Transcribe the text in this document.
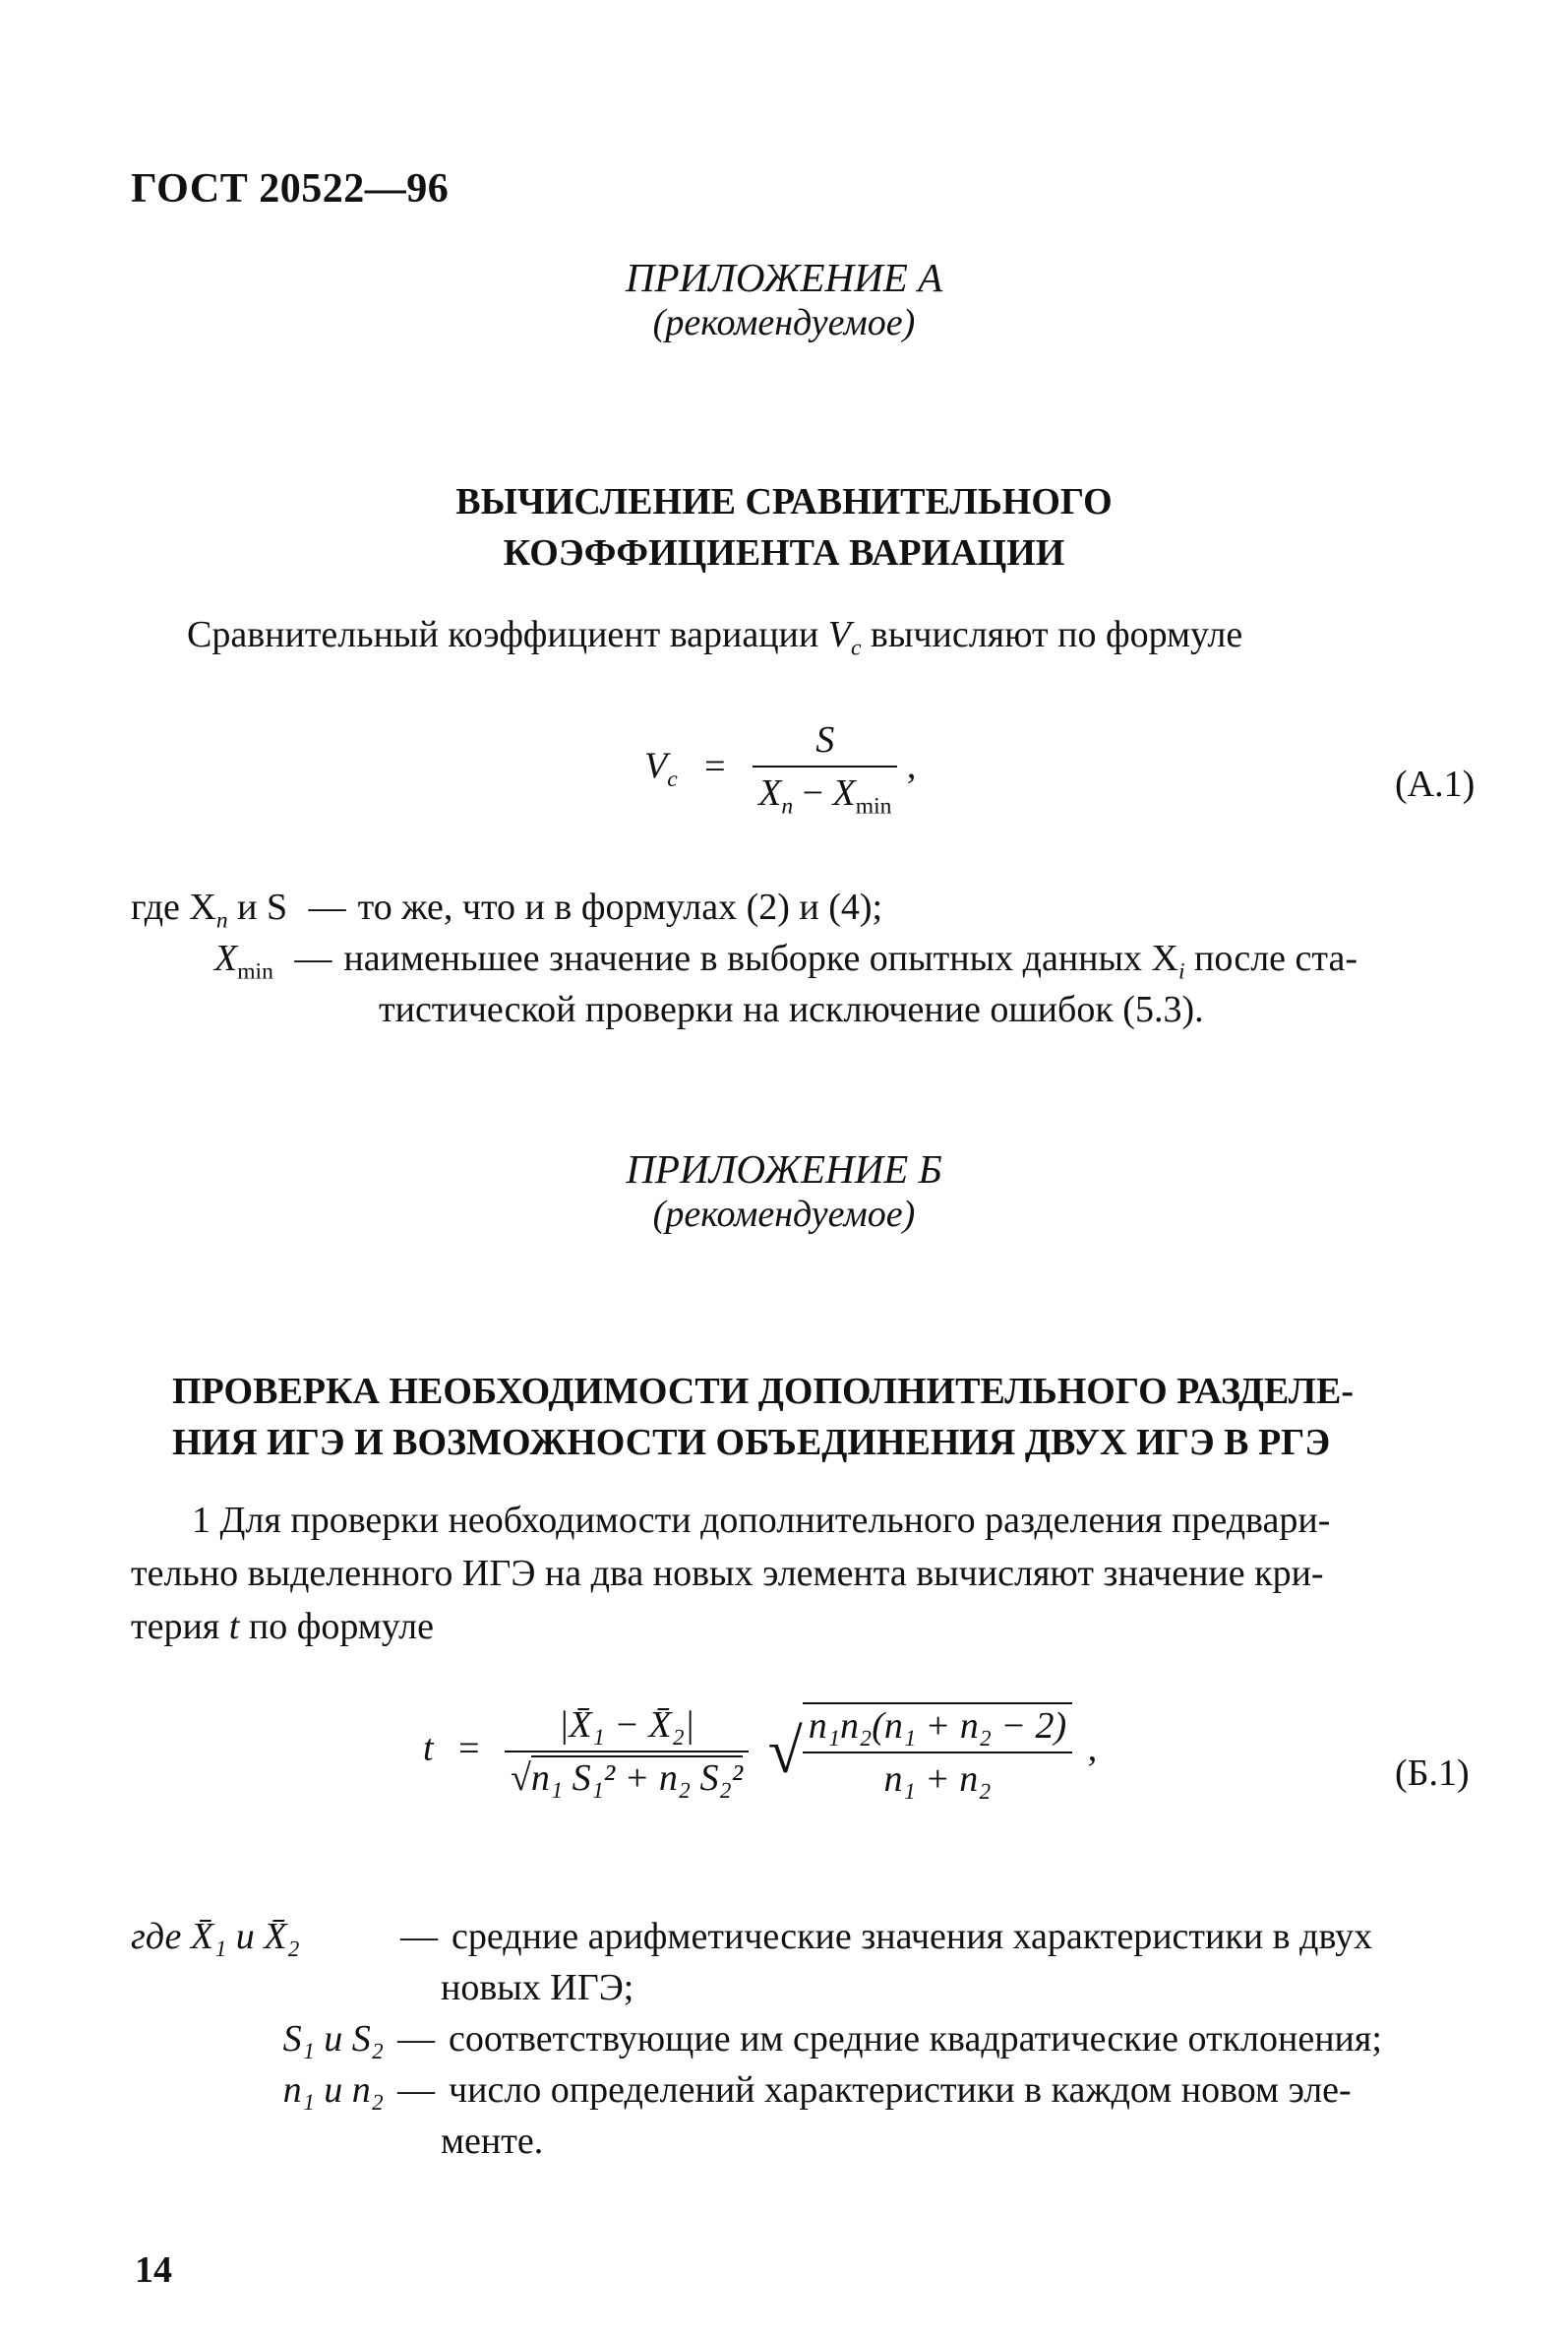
ГОСТ 20522—96
ПРИЛОЖЕНИЕ А
(рекомендуемое)
ВЫЧИСЛЕНИЕ СРАВНИТЕЛЬНОГО
КОЭФФИЦИЕНТА ВАРИАЦИИ
Сравнительный коэффициент вариации $V_c$ вычисляют по формуле
$V_c = \frac{S}{X_n - X_{min}}$ ,	(А.1)
где $X_n$ и S — то же, что и в формулах (2) и (4);
$X_{min}$ — наименьшее значение в выборке опытных данных $X_i$ после ста-
тистической проверки на исключение ошибок (5.3).
ПРИЛОЖЕНИЕ Б
(рекомендуемое)
ПРОВЕРКА НЕОБХОДИМОСТИ ДОПОЛНИТЕЛЬНОГО РАЗДЕЛЕ-
НИЯ ИГЭ И ВОЗМОЖНОСТИ ОБЪЕДИНЕНИЯ ДВУХ ИГЭ В РГЭ
1 Для проверки необходимости дополнительного разделения предвари-
тельно выделенного ИГЭ на два новых элемента вычисляют значение кри-
терия t по формуле
$t = \frac{\text{|X̄₁ − X̄₂|}}{\text{√n₁ S₁² + n₂ S₂²}}$ √ $\frac{\text{n₁n₂(n₁ + n₂ − 2)}}{\text{n₁ + n₂}}$ ,
(Б.1)
где X̄₁ и X̄₂	— средние арифметические значения характеристики в двух
новых ИГЭ;
S₁ и S₂ — соответствующие им средние квадратические отклонения;
n₁ и n₂ — число определений характеристики в каждом новом эле-
менте.
14
